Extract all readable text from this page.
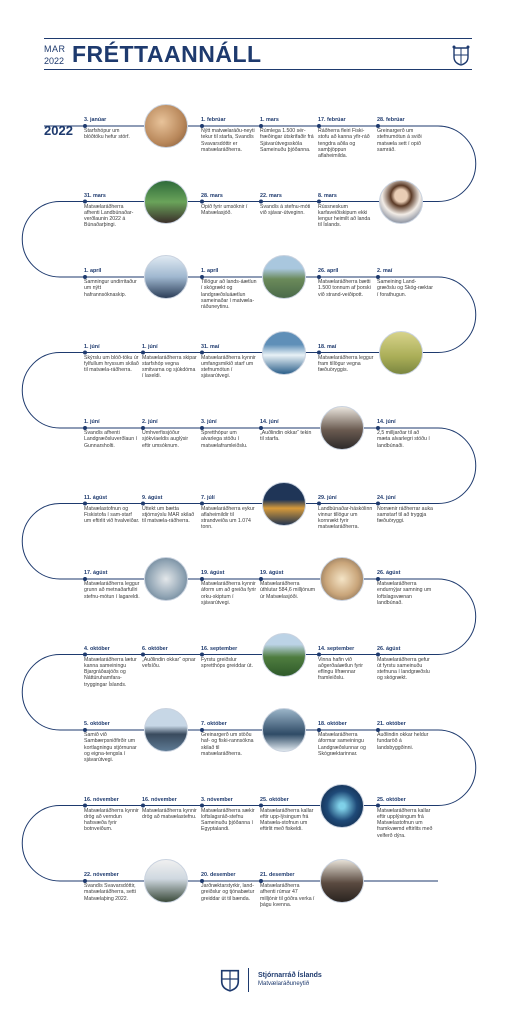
MAR
2022 FRÉTTAANNÁLL
2022
3. janúar
Starfshópur um blóðtöku hefur störf.
1. febrúar
Nýtt matvælaráðu-neyti tekur til starfa, Svandís Svavarsdóttir er matvælaráðherra.
1. mars
Rúmlega 1.500 sér-fræðingar útskrifaðir frá Sjávarútvegsskóla Sameinuðu þjóðanna.
17. febrúar
Ráðherra fleiri Fiski-stofu að kanna yfir-ráð tengdra aðila og samþjöppun aflaheimilda.
28. febrúar
Greinargerð um stefnumótun á sviði matvæla sett í opið samráð.
31. mars
Matvælaráðherra afhenti Landbúnaðar-verðlaunin 2022 á Búnaðarþingi.
28. mars
Opið fyrir umsóknir í Matvælasjóð.
22. mars
Svandís á stefnu-móti við sjávar-útveginn.
8. mars
Rússneskum karfaveiðiskipum ekki lengur heimilt að landa til Íslands.
1. apríl
Samningur undirritaður um nýtt hafrannsóknaskip.
1. apríl
Tillögur að lands-áætlun í skógrækt og landgræðsluáætlun sameinaðar í matvæla-ráðuneytinu.
26. apríl
Matvælaráðherra bætti 1.500 tonnum af þorski við strand-veiðipott.
2. maí
Sameining Land-græðslu og Skóg-ræktar í forathugun.
1. júní
Skýrslu um blóð-töku úr fylfullum hryssum skilað til matvæla-ráðherra.
1. júní
Matvælaráðherra skipar starfshóp vegna smitvarna og sjúkdóma í laxeldi.
31. maí
Matvælaráðherra kynnir umfangsmikið starf um stefnumótun í sjávarútvegi.
18. maí
Matvælaráðherra leggur fram tillögur vegna fæðuöryggis.
1. júní
Svandís afhenti Landgræðsluverðlaun í Gunnarsholti.
2. júní
Umhverfissjóður sjókvíaeldis auglýsir eftir umsóknum.
3. júní
Spretthópur um alvarlega stöðu í matvælaframleiðslu.
14. júní
„Auðlindin okkar“ tekin til starfa.
14. júní
2,5 milljarðar til að mæta alvarlegri stöðu í landbúnaði.
11. ágúst
Matvælastofnun og Fiskistofa í sam-starf um eftirlit við hvalveiðar.
9. ágúst
Úttekt um bætta stjórnsýslu MAR skilað til matvæla-ráðherra.
7. júlí
Matvælaráðherra eykur aflaheimildir til strandveiða um 1.074 tonn.
29. júní
Landbúnaðar-háskólinn vinnur tillögur um kornrækt fyrir matvælaráðherra.
24. júní
Norrænir ráðherrar auka samstarf til að tryggja fæðuöryggi.
17. ágúst
Matvælaráðherra leggur grunn að metnaðarfullri stefnu-mótun í lagareldi.
19. ágúst
Matvælaráðherra kynnir áform um að greiða fyrir orku-skiptum í sjávarútvegi.
19. ágúst
Matvælaráðherra úthlutar 584,6 milljónum úr Matvælasjóði.
26. ágúst
Matvælaráðherra endurnýjar samning um loftslagsvænan landbúnað.
4. október
Matvælaráðherra lætur kanna sameiningu Bjargráðasjóðs og Náttúruhamfara-tryggingar Íslands.
6. október
„Auðlindin okkar“ opnar vefsíðu.
16. september
Fyrstu greiðslur spretthóps greiddar út.
14. september
Vinna hafin við aðgerðaáætlun fyrir eflingu lífrænnar framleiðslu.
26. ágúst
Matvælaráðherra gefur út fyrstu sameinuðu stefnuna í landgræðslu og skógrækt.
5. október
Samið við Sambærpsniðfirðir um kortlagningu stjórnunar og eigna-tengsla í sjávarútvegi.
7. október
Greinargerð um stöðu haf- og fiski-rannsókna skilað til matvælaráðherra.
18. október
Matvælaráðherra áformar sameiningu Landgræðslunnar og Skógræktarinnar.
21. október
Auðlindin okkar heldur fundaröð á landsbyggðinni.
16. nóvember
Matvælaráðherra kynnir drög að verndun hafsvæða fyrir botnveiðum.
16. nóvember
Matvælaráðherra kynnir drög að matvælastefnu.
3. nóvember
Matvælaráðherra sækir loftslagsráð-stefnu Sameinuðu þjóðanna í Egyptalandi.
25. október
Matvælaráðherra kallar eftir upp-lýsingum frá Matvæla-stofnun um eftirlit með fiskeldi.
25. október
Matvælaráðherra kallar eftir upplýsingum frá Matvælastofnun um framkvæmd eftirlits með velferð dýra.
22. nóvember
Svandís Svavarsdóttir, matvælaráðherra, setti Matvælaþing 2022.
20. desember
Jarðræktarstyrkir, land-greiðslur og tjónabætur greiddar út til bænda.
21. desember
Matvælaráðherra afhenti rúmar 47 milljónir til góðra verka í þágu kvenna.
Stjórnarráð Íslands
Matvælaráðuneytið
